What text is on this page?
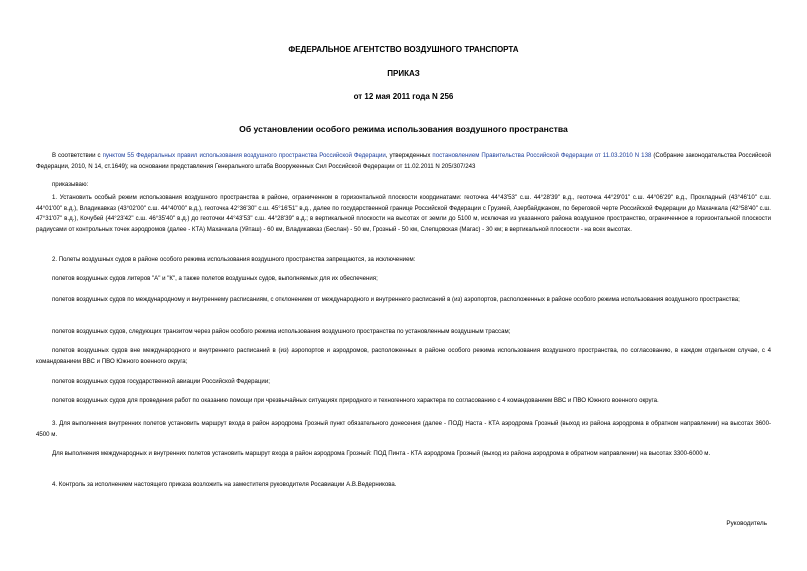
ФЕДЕРАЛЬНОЕ АГЕНТСТВО ВОЗДУШНОГО ТРАНСПОРТА
ПРИКАЗ
от 12 мая 2011 года N 256
Об установлении особого режима использования воздушного пространства
В соответствии с пунктом 55 Федеральных правил использования воздушного пространства Российской Федерации, утвержденных постановлением Правительства Российской Федерации от 11.03.2010 N 138 (Собрание законодательства Российской Федерации, 2010, N 14, ст.1649); на основании представления Генерального штаба Вооруженных Сил Российской Федерации от 11.02.2011 N 205/307/243
приказываю:
1. Установить особый режим использования воздушного пространства в районе, ограниченном в горизонтальной плоскости координатами: геоточка 44°43'53" с.ш. 44°28'39" в.д., геоточка 44°29'01" с.ш. 44°06'29" в.д., Прохладный (43°46'10" с.ш. 44°01'00" в.д.), Владикавказ (43°02'00" с.ш. 44°40'00" в.д.), геоточка 42°36'30" с.ш. 45°16'51" в.д., далее по государственной границе Российской Федерации с Грузией, Азербайджаном, по береговой черте Российской Федерации до Махачкала (42°58'40" с.ш. 47°31'07" в.д.), Кочубей (44°23'42" с.ш. 46°35'40" в.д.) до геоточки 44°43'53" с.ш. 44°28'39" в.д.; в вертикальной плоскости на высотах от земли до 5100 м, исключая из указанного района воздушное пространство, ограниченное в горизонтальной плоскости радиусами от контрольных точек аэродромов (далее - КТА) Махачкала (Уйташ) - 60 км, Владикавказ (Беслан) - 50 км, Грозный - 50 км, Слепцовская (Магас) - 30 км; в вертикальной плоскости - на всех высотах.
2. Полеты воздушных судов в районе особого режима использования воздушного пространства запрещаются, за исключением:
полетов воздушных судов литеров "А" и "К", а также полетов воздушных судов, выполняемых для их обеспечения;
полетов воздушных судов по международному и внутреннему расписаниям, с отклонением от международного и внутреннего расписаний в (из) аэропортов, расположенных в районе особого режима использования воздушного пространства;
полетов воздушных судов, следующих транзитом через район особого режима использования воздушного пространства по установленным воздушным трассам;
полетов воздушных судов вне международного и внутреннего расписаний в (из) аэропортов и аэродромов, расположенных в районе особого режима использования воздушного пространства, по согласованию, в каждом отдельном случае, с 4 командованием ВВС и ПВО Южного военного округа;
полетов воздушных судов государственной авиации Российской Федерации;
полетов воздушных судов для проведения работ по оказанию помощи при чрезвычайных ситуациях природного и техногенного характера по согласованию с 4 командованием ВВС и ПВО Южного военного округа.
3. Для выполнения внутренних полетов установить маршрут входа в район аэродрома Грозный пункт обязательного донесения (далее - ПОД) Наста - КТА аэродрома Грозный (выход из района аэродрома в обратном направлении) на высотах 3600-4500 м.
Для выполнения международных и внутренних полетов установить маршрут входа в район аэродрома Грозный: ПОД Пинта - КТА аэродрома Грозный (выход из района аэродрома в обратном направлении) на высотах 3300-6000 м.
4. Контроль за исполнением настоящего приказа возложить на заместителя руководителя Росавиации А.В.Ведерникова.
Руководитель
